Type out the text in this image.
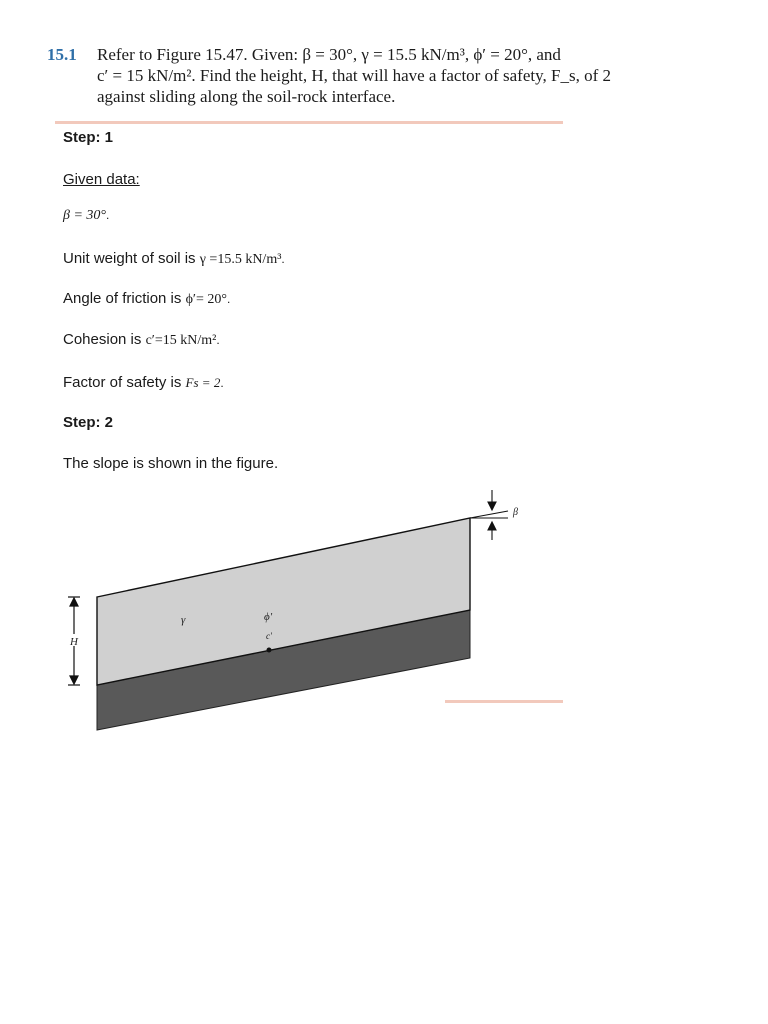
15.1	Refer to Figure 15.47. Given: β = 30°, γ = 15.5 kN/m³, ϕ′ = 20°, and
c′ = 15 kN/m². Find the height, H, that will have a factor of safety, F_s, of 2
against sliding along the soil-rock interface.
Step: 1
Given data:
β = 30°.
Unit weight of soil is γ =15.5 kN/m³.
Angle of friction is ϕ′= 20°.
Cohesion is c′=15 kN/m².
Factor of safety is Fs = 2.
Step: 2
The slope is shown in the figure.
γ	ϕ′
c′
H
β
